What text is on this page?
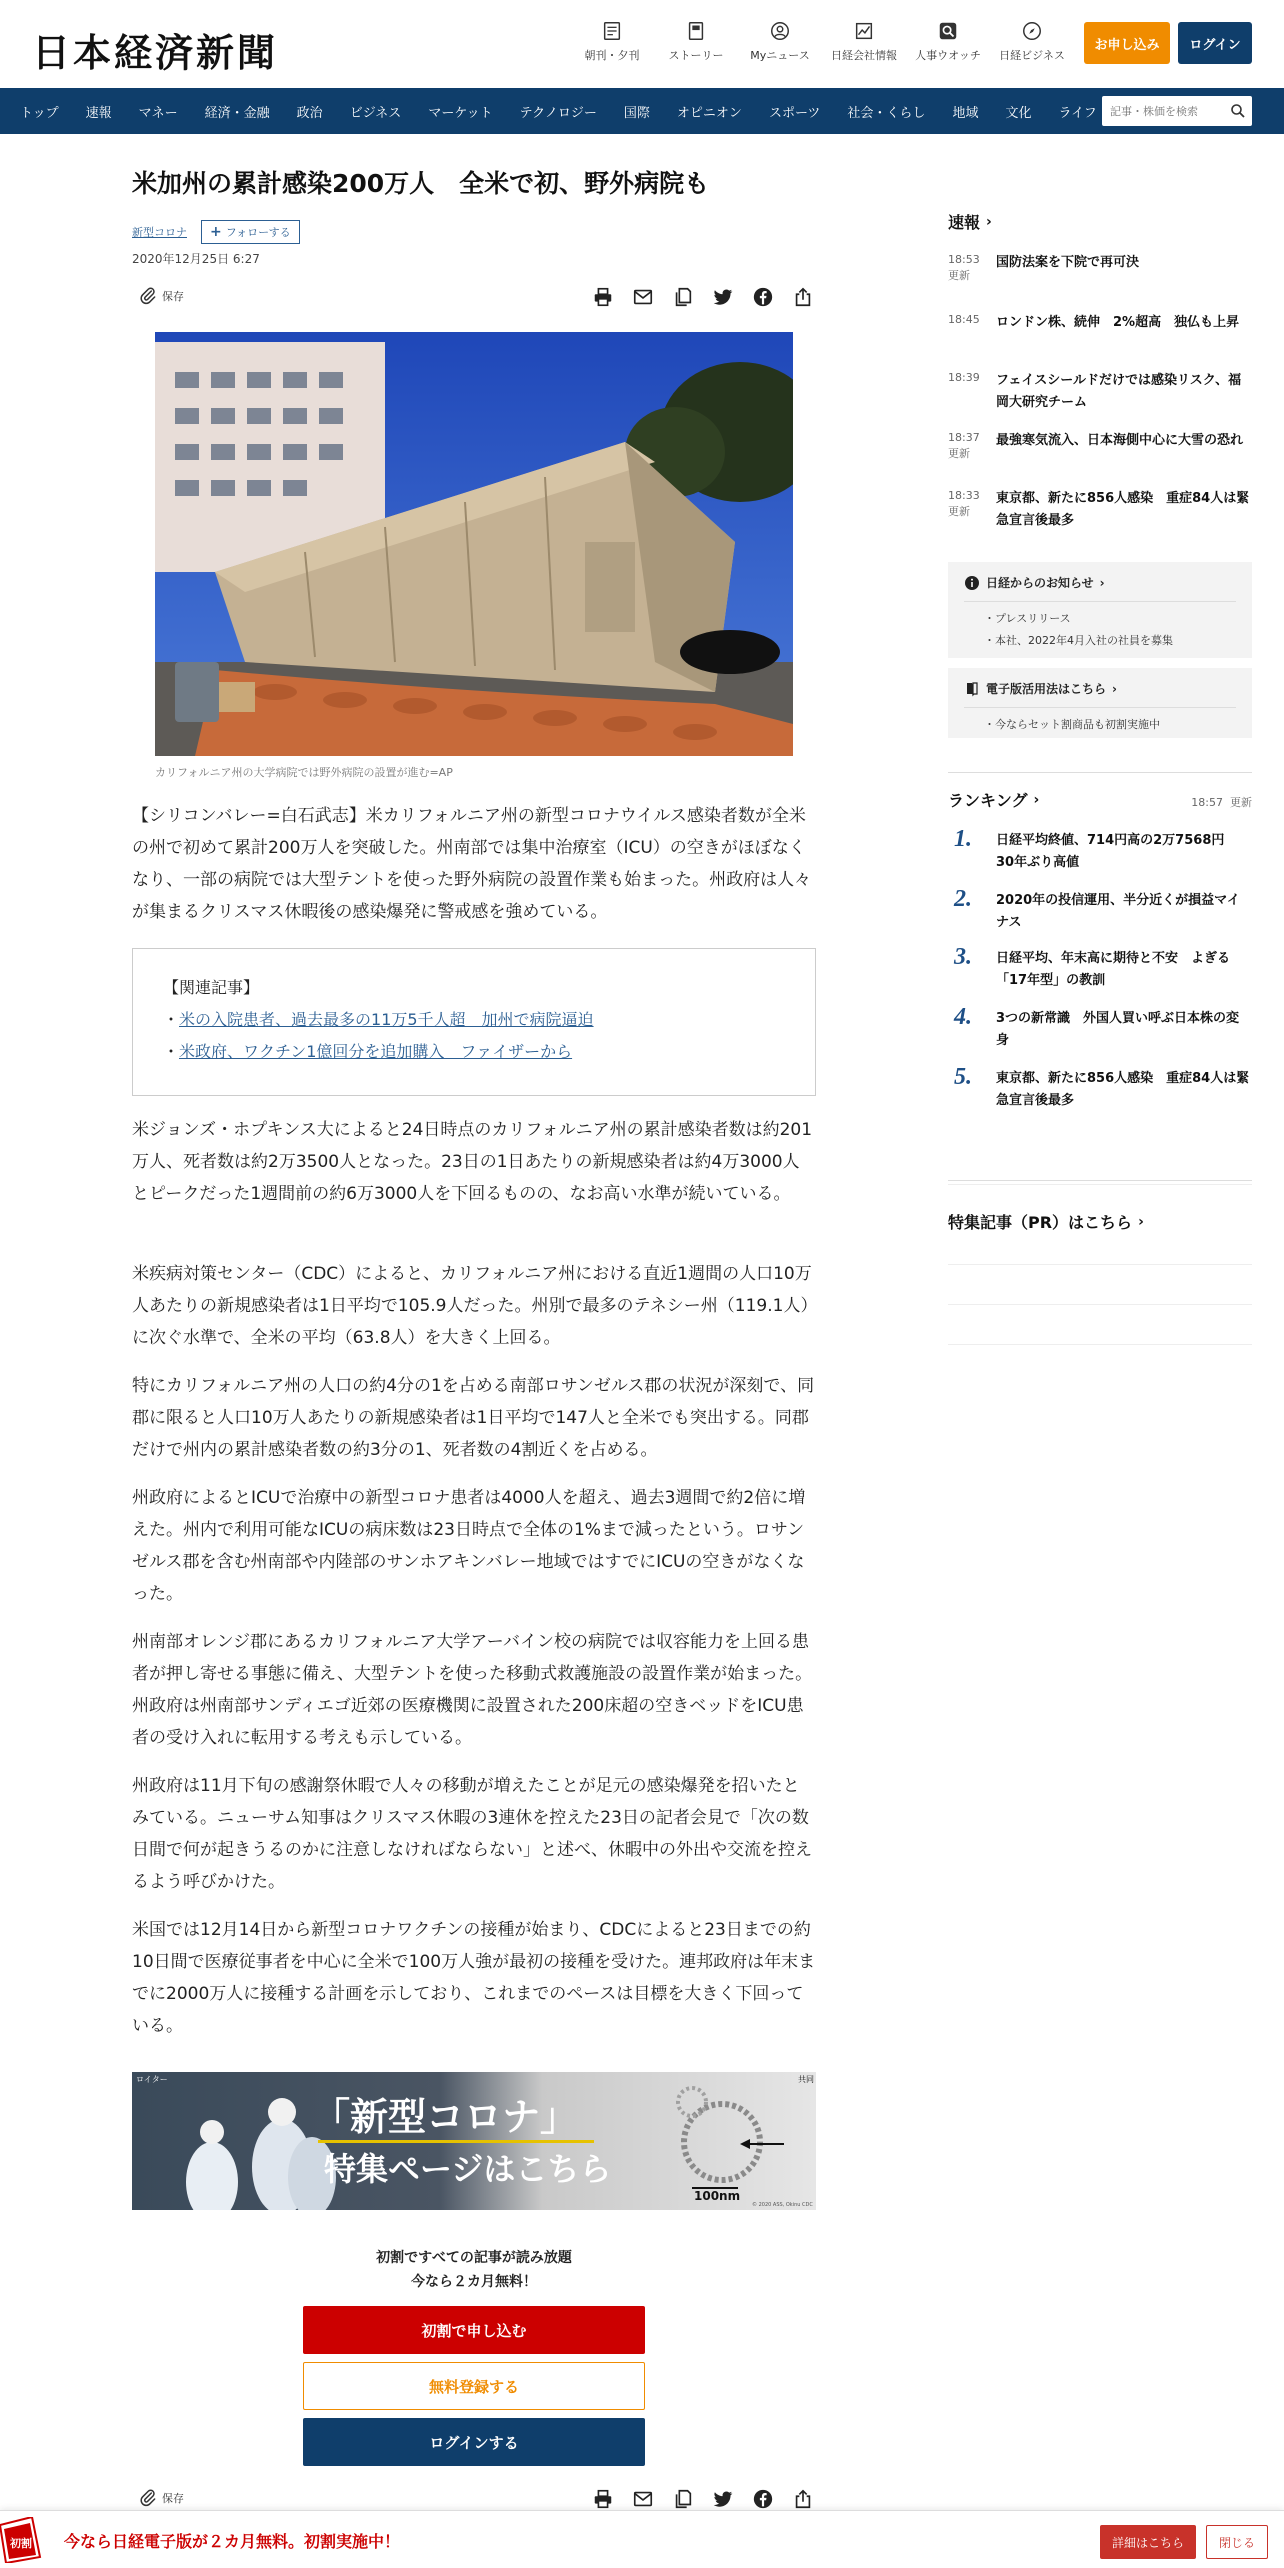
日本経済新聞	朝刊・夕刊	ストーリー Myニュース 日経会社情報 人事ウオッチ 日経ビジネス
お申し込み	ログイン
トップ 速報 マネー 経済・金融 政治 ビジネス マーケット テクノロジー 国際 オピニオン スポーツ 社会・くらし 地域 文化 ライフ
記事・株価を検索
米加州の累計感染200万人　全米で初、野外病院も
新型コロナ + フォローする
2020年12月25日 6:27
保存
カリフォルニア州の大学病院では野外病院の設置が進む=AP

【シリコンバレー=白石武志】米カリフォルニア州の新型コロナウイルス感染者数が全米の州で初めて累計200万人を突破した。州南部では集中治療室（ICU）の空きがほぼなくなり、一部の病院では大型テントを使った野外病院の設置作業も始まった。州政府は人々が集まるクリスマス休暇後の感染爆発に警戒感を強めている。

【関連記事】
・米の入院患者、過去最多の11万5千人超　加州で病院逼迫
・米政府、ワクチン1億回分を追加購入　ファイザーから

米ジョンズ・ホプキンス大によると24日時点のカリフォルニア州の累計感染者数は約201万人、死者数は約2万3500人となった。23日の1日あたりの新規感染者は約4万3000人とピークだった1週間前の約6万3000人を下回るものの、なお高い水準が続いている。

米疾病対策センター（CDC）によると、カリフォルニア州における直近1週間の人口10万人あたりの新規感染者は1日平均で105.9人だった。州別で最多のテネシー州（119.1人）に次ぐ水準で、全米の平均（63.8人）を大きく上回る。

特にカリフォルニア州の人口の約4分の1を占める南部ロサンゼルス郡の状況が深刻で、同郡に限ると人口10万人あたりの新規感染者は1日平均で147人と全米でも突出する。同郡だけで州内の累計感染者数の約3分の1、死者数の4割近くを占める。

州政府によるとICUで治療中の新型コロナ患者は4000人を超え、過去3週間で約2倍に増えた。州内で利用可能なICUの病床数は23日時点で全体の1%まで減ったという。ロサンゼルス郡を含む州南部や内陸部のサンホアキンバレー地域ではすでにICUの空きがなくなった。

州南部オレンジ郡にあるカリフォルニア大学アーバイン校の病院では収容能力を上回る患者が押し寄せる事態に備え、大型テントを使った移動式救護施設の設置作業が始まった。州政府は州南部サンディエゴ近郊の医療機関に設置された200床超の空きベッドをICU患者の受け入れに転用する考えも示している。

州政府は11月下旬の感謝祭休暇で人々の移動が増えたことが足元の感染爆発を招いたとみている。ニューサム知事はクリスマス休暇の3連休を控えた23日の記者会見で「次の数日間で何が起きうるのかに注意しなければならない」と述べ、休暇中の外出や交流を控えるよう呼びかけた。

米国では12月14日から新型コロナワクチンの接種が始まり、CDCによると23日までの約10日間で医療従事者を中心に全米で100万人強が最初の接種を受けた。連邦政府は年末までに2000万人に接種する計画を示しており、これまでのペースは目標を大きく下回っている。

ロイター	共同
「新型コロナ」
特集ページはこちら
100nm
© 2020 ASS, Okinu CDC
初割ですべての記事が読み放題
今なら２カ月無料！
初割で申し込む
無料登録する
ログインする
保存
速報 ›
18:53
更新
国防法案を下院で再可決
18:45	ロンドン株、続伸　2%超高　独仏も上昇
18:39	フェイスシールドだけでは感染リスク、福岡大研究チーム
18:37
更新
最強寒気流入、日本海側中心に大雪の恐れ
18:33
更新
東京都、新たに856人感染　重症84人は緊急宣言後最多
日経からのお知らせ ›
・プレスリリース
・本社、2022年4月入社の社員を募集
電子版活用法はこちら ›
・今ならセット割商品も初割実施中
ランキング ›	18:57 更新
1. 日経平均終値、714円高の2万7568円　30年ぶり高値
2. 2020年の投信運用、半分近くが損益マイナス
3. 日経平均、年末高に期待と不安　よぎる「17年型」の教訓
4. 3つの新常識　外国人買い呼ぶ日本株の変身
5. 東京都、新たに856人感染　重症84人は緊急宣言後最多
特集記事（PR）はこちら ›
初割 今なら日経電子版が２カ月無料。初割実施中！	詳細はこちら	閉じる
